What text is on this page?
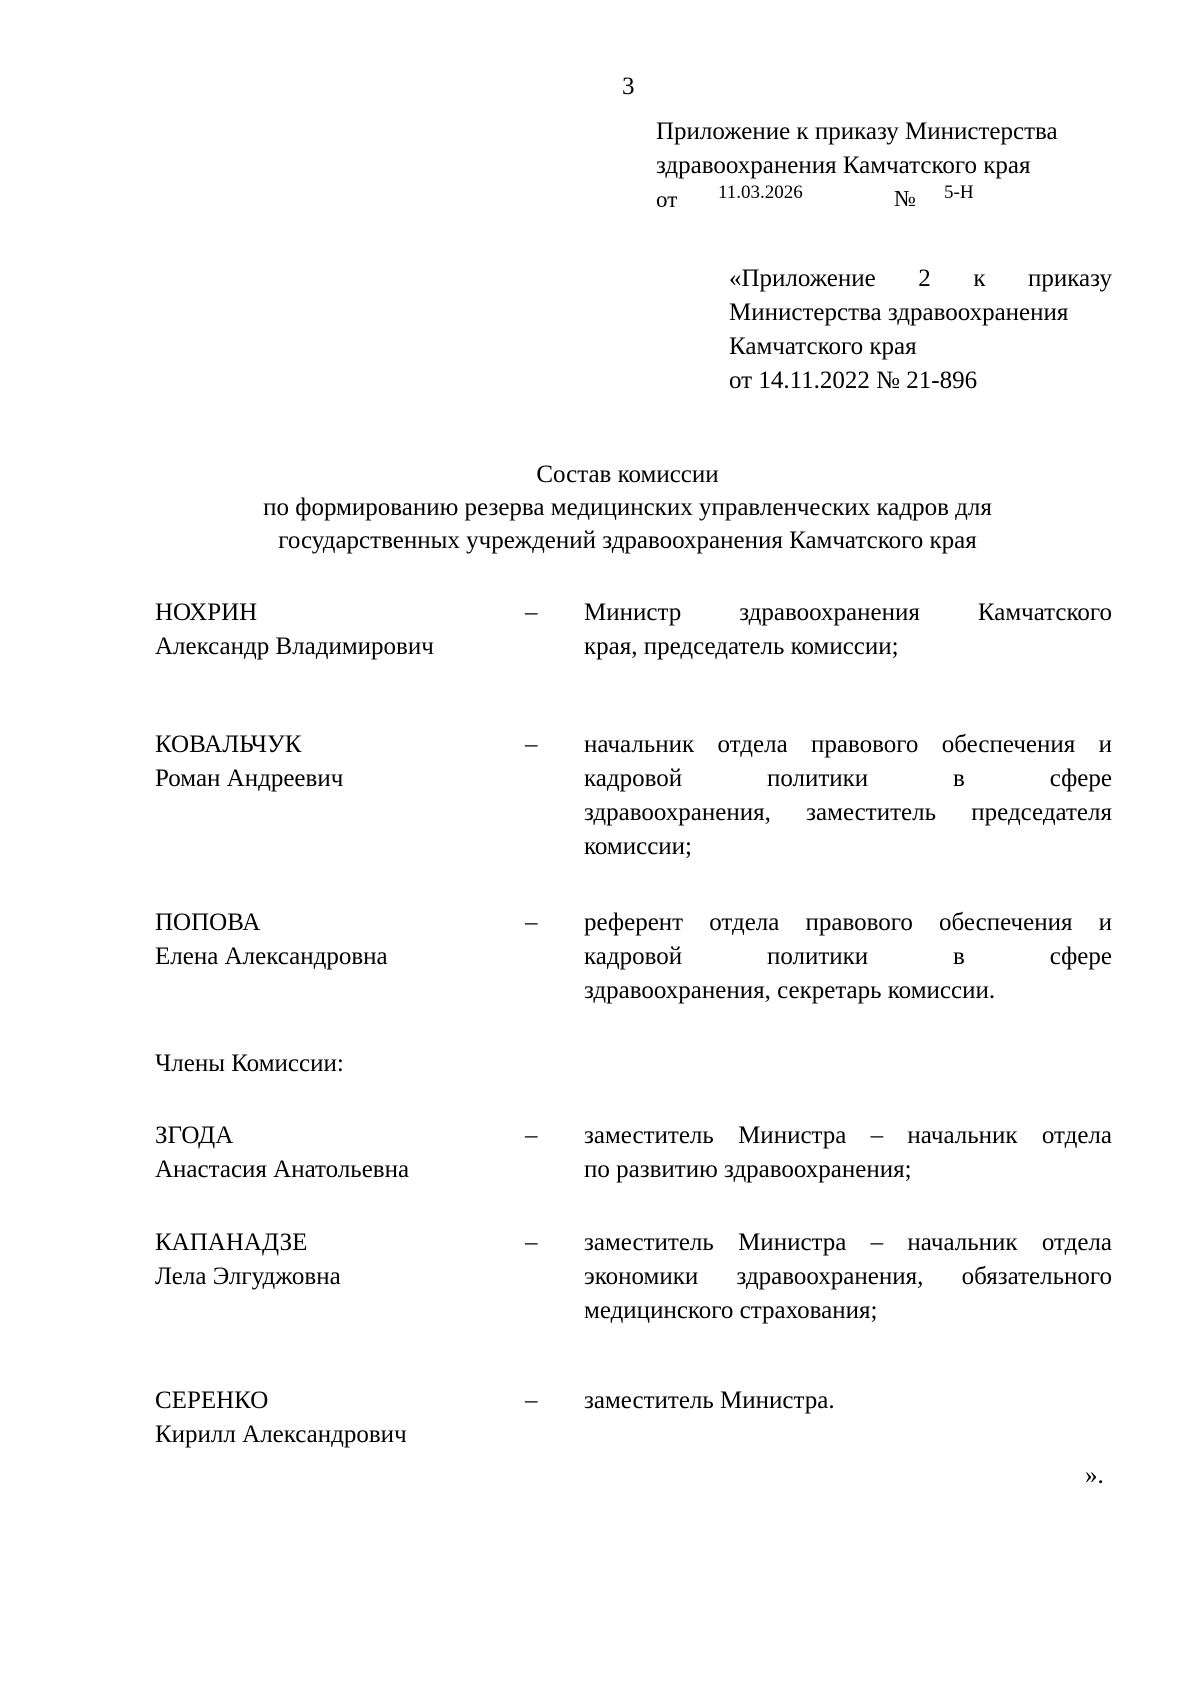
3
Приложение к приказу Министерства
здравоохранения Камчатского края
от 11.03.2026	№ 5-Н
«Приложение 2 к приказу
Министерства здравоохранения
Камчатского края
от 14.11.2022 № 21-896
Состав комиссии
по формированию резерва медицинских управленческих кадров для
государственных учреждений здравоохранения Камчатского края
НОХРИН
Александр Владимирович
– Министр здравоохранения Камчатского
края, председатель комиссии;
КОВАЛЬЧУК
Роман Андреевич
– начальник отдела правового обеспечения и
кадровой политики в сфере
здравоохранения, заместитель председателя
комиссии;
ПОПОВА
Елена Александровна
– референт отдела правового обеспечения и
кадровой политики в сфере
здравоохранения, секретарь комиссии.
Члены Комиссии:
ЗГОДА
Анастасия Анатольевна
– заместитель Министра – начальник отдела
по развитию здравоохранения;
КАПАНАДЗЕ
Лела Элгуджовна
– заместитель Министра – начальник отдела
экономики здравоохранения, обязательного
медицинского страхования;
СЕРЕНКО
Кирилл Александрович
– заместитель Министра.
».
